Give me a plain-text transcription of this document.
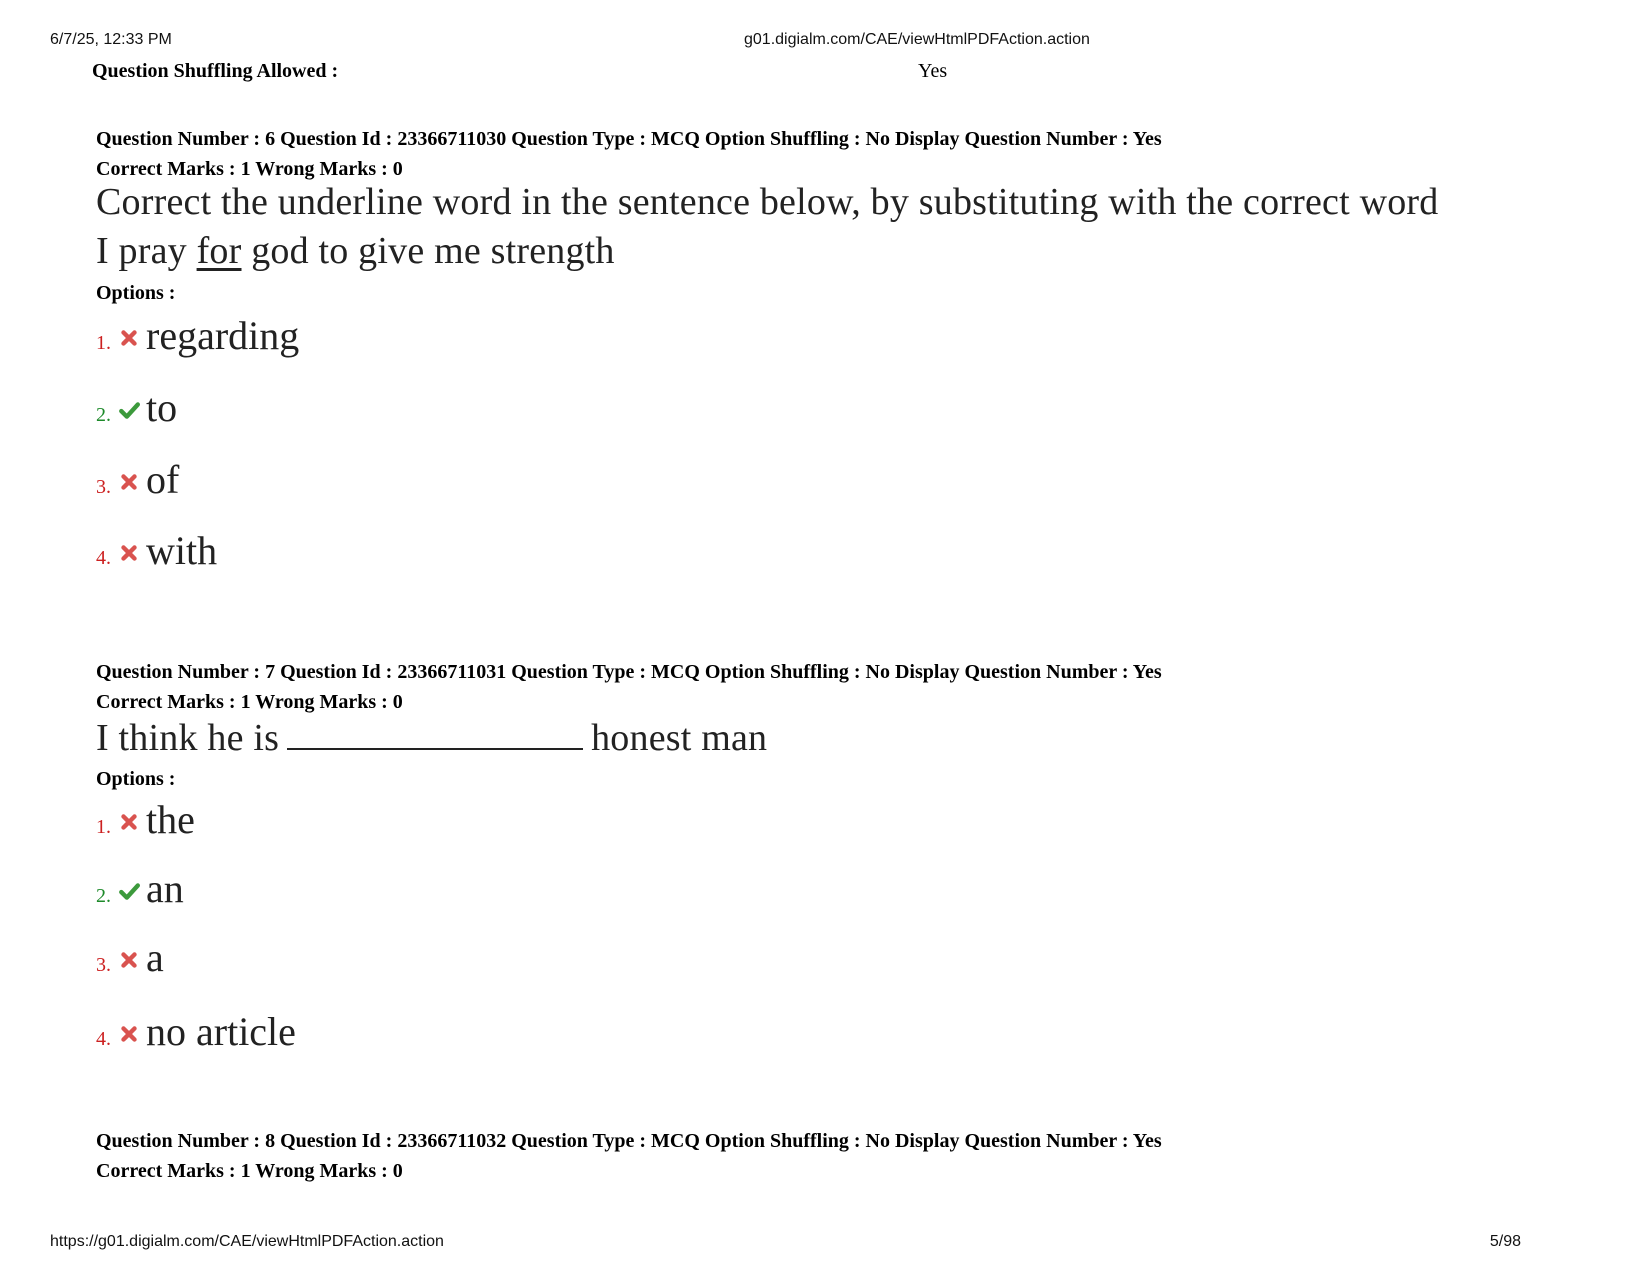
6/7/25, 12:33 PM	g01.digialm.com/CAE/viewHtmlPDFAction.action
Question Shuffling Allowed :	Yes
Question Number : 6 Question Id : 23366711030 Question Type : MCQ Option Shuffling : No Display Question Number : Yes
Correct Marks : 1 Wrong Marks : 0
Correct the underline word in the sentence below, by substituting with the correct word
I pray for god to give me strength
Options :
1. regarding
2. to
3. of
4. with
Question Number : 7 Question Id : 23366711031 Question Type : MCQ Option Shuffling : No Display Question Number : Yes
Correct Marks : 1 Wrong Marks : 0
I think he is	honest man
Options :
1. the
2. an
3. a
4. no article
Question Number : 8 Question Id : 23366711032 Question Type : MCQ Option Shuffling : No Display Question Number : Yes
Correct Marks : 1 Wrong Marks : 0
https://g01.digialm.com/CAE/viewHtmlPDFAction.action	5/98
